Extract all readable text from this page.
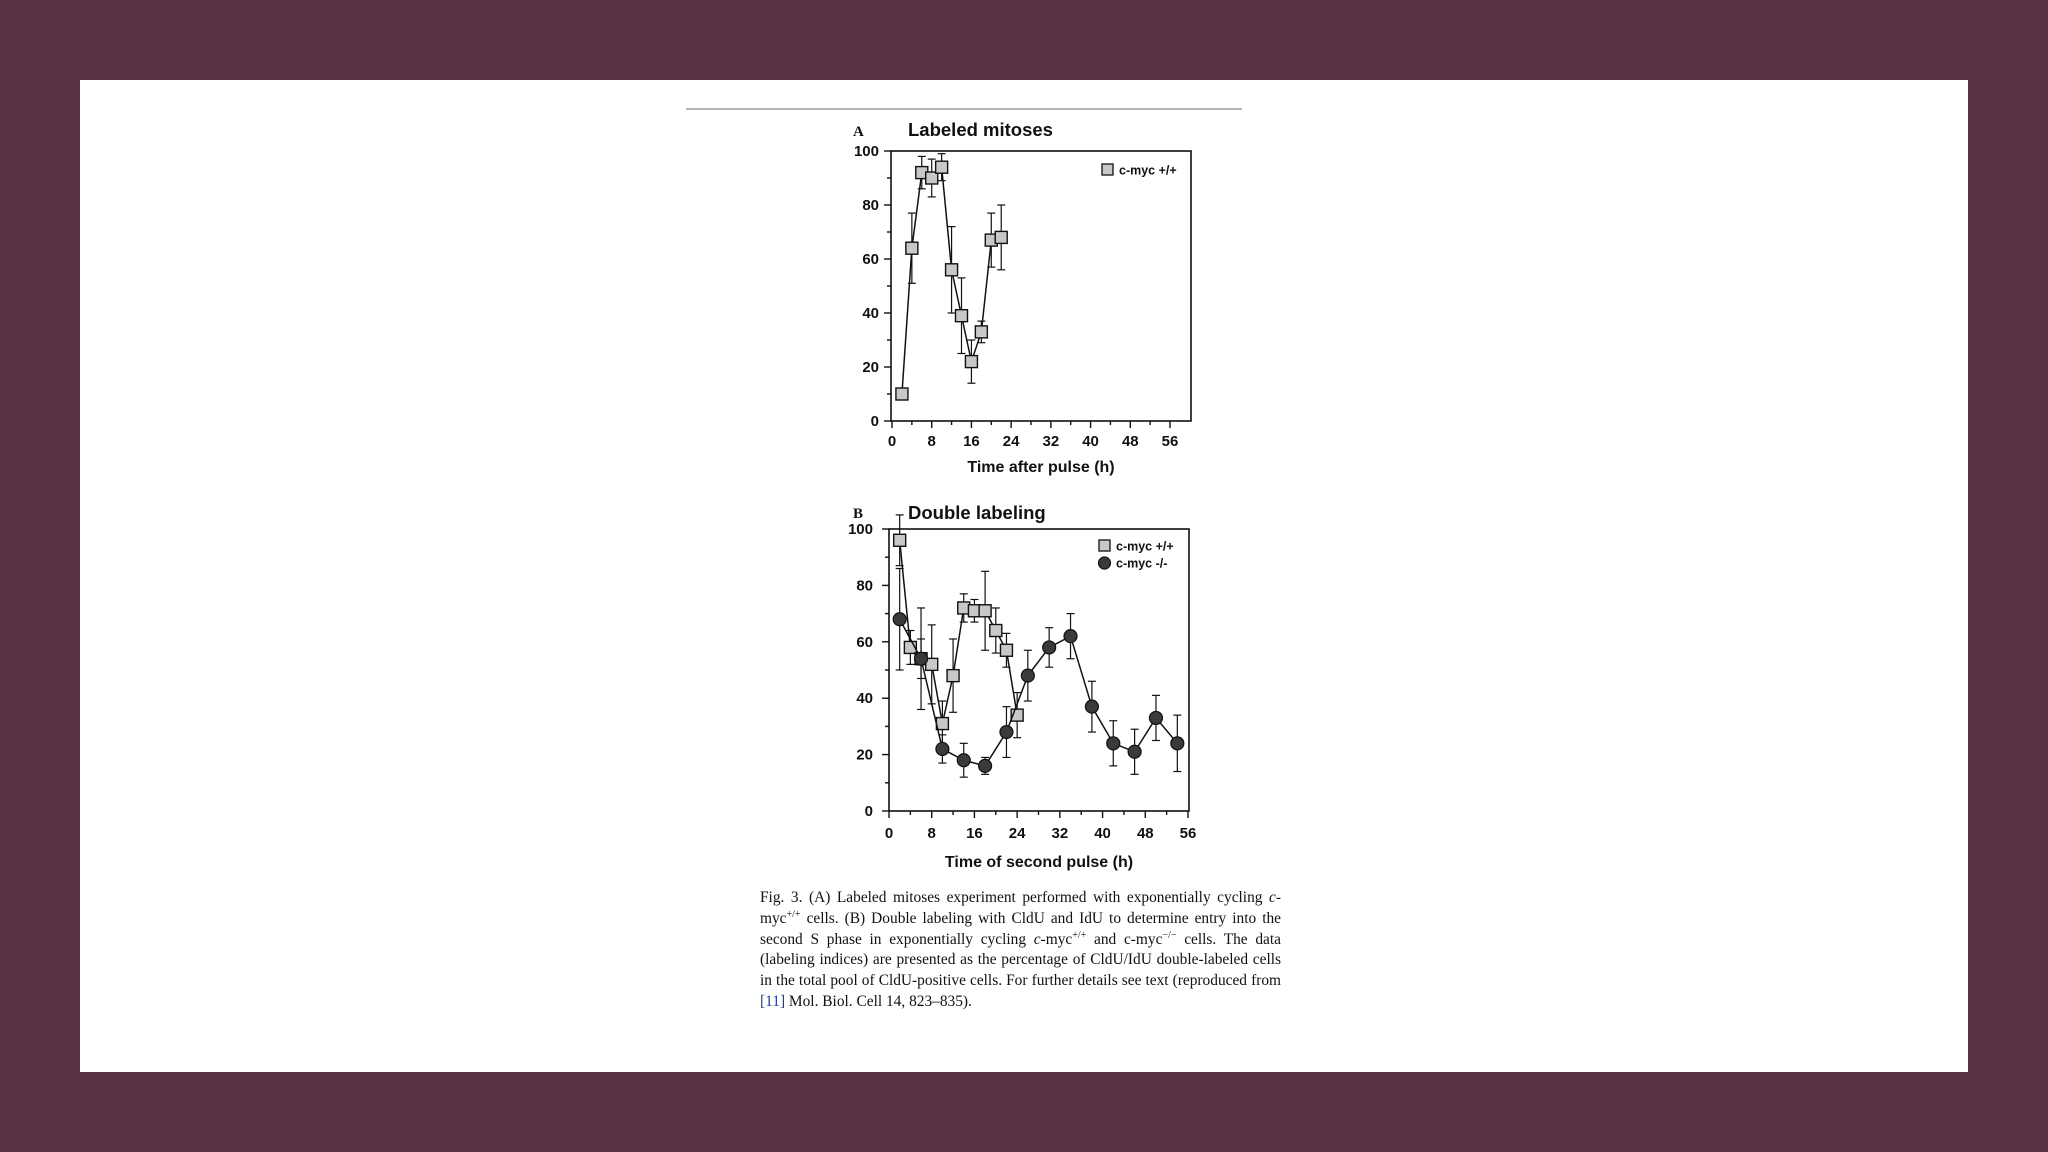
A Labeled mitoses
0
20
40
60
80
100
0 8 16 24 32 40 48 56
Time after pulse (h)
c-myc +/+
B Double labeling
0
20
40
60
80
100
0 8 16 24 32 40 48 56
Time of second pulse (h)
c-myc +/+
c-myc -/-
Fig. 3. (A) Labeled mitoses experiment performed with exponentially cycling c-myc+/+ cells. (B) Double labeling with CldU and IdU to determine entry into the second S phase in exponentially cycling c-myc+/+ and c-myc−/− cells. The data (labeling indices) are presented as the percentage of CldU/IdU double-labeled cells in the total pool of CldU-positive cells. For further details see text (reproduced from [11] Mol. Biol. Cell 14, 823–835).
